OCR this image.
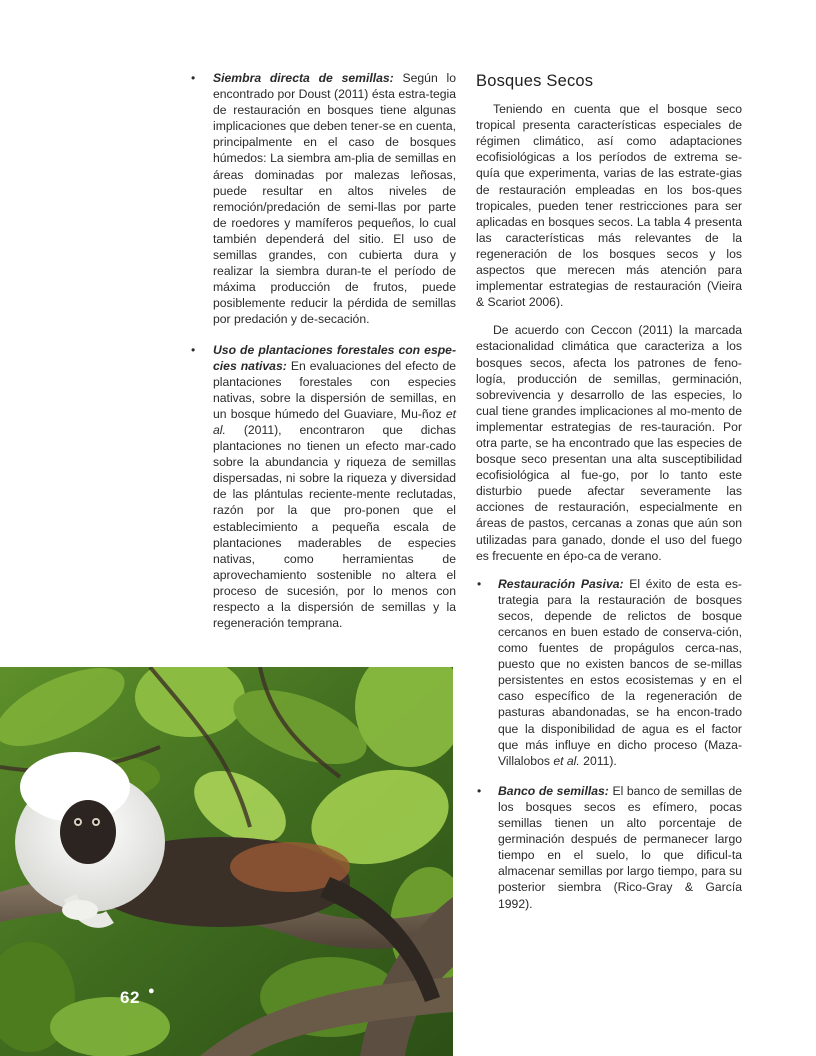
• Siembra directa de semillas: Según lo encontrado por Doust (2011) ésta estra-tegia de restauración en bosques tiene algunas implicaciones que deben tener-se en cuenta, principalmente en el caso de bosques húmedos: La siembra am-plia de semillas en áreas dominadas por malezas leñosas, puede resultar en altos niveles de remoción/predación de semi-llas por parte de roedores y mamíferos pequeños, lo cual también dependerá del sitio. El uso de semillas grandes, con cubierta dura y realizar la siembra duran-te el período de máxima producción de frutos, puede posiblemente reducir la pérdida de semillas por predación y de-secación.
• Uso de plantaciones forestales con espe-cies nativas: En evaluaciones del efecto de plantaciones forestales con especies nativas, sobre la dispersión de semillas, en un bosque húmedo del Guaviare, Mu-ñoz et al. (2011), encontraron que dichas plantaciones no tienen un efecto mar-cado sobre la abundancia y riqueza de semillas dispersadas, ni sobre la riqueza y diversidad de las plántulas reciente-mente reclutadas, razón por la que pro-ponen que el establecimiento a pequeña escala de plantaciones maderables de especies nativas, como herramientas de aprovechamiento sostenible no altera el proceso de sucesión, por lo menos con respecto a la dispersión de semillas y la regeneración temprana.
Bosques Secos

Teniendo en cuenta que el bosque seco tropical presenta características especiales de régimen climático, así como adaptaciones ecofisiológicas a los períodos de extrema se-quía que experimenta, varias de las estrate-gias de restauración empleadas en los bos-ques tropicales, pueden tener restricciones para ser aplicadas en bosques secos. La tabla 4 presenta las características más relevantes de la regeneración de los bosques secos y los aspectos que merecen más atención para implementar estrategias de restauración (Vieira & Scariot 2006).

De acuerdo con Ceccon (2011) la marcada estacionalidad climática que caracteriza a los bosques secos, afecta los patrones de feno-logía, producción de semillas, germinación, sobrevivencia y desarrollo de las especies, lo cual tiene grandes implicaciones al mo-mento de implementar estrategias de res-tauración. Por otra parte, se ha encontrado que las especies de bosque seco presentan una alta susceptibilidad ecofisiológica al fue-go, por lo tanto este disturbio puede afectar severamente las acciones de restauración, especialmente en áreas de pastos, cercanas a zonas que aún son utilizadas para ganado, donde el uso del fuego es frecuente en épo-ca de verano.

• Restauración Pasiva: El éxito de esta es-trategia para la restauración de bosques secos, depende de relictos de bosque cercanos en buen estado de conserva-ción, como fuentes de propágulos cerca-nas, puesto que no existen bancos de se-millas persistentes en estos ecosistemas y en el caso específico de la regeneración de pasturas abandonadas, se ha encon-trado que la disponibilidad de agua es el factor que más influye en dicho proceso (Maza-Villalobos et al. 2011).
• Banco de semillas: El banco de semillas de los bosques secos es efímero, pocas semillas tienen un alto porcentaje de germinación después de permanecer largo tiempo en el suelo, lo que dificul-ta almacenar semillas por largo tiempo, para su posterior siembra (Rico-Gray & García 1992).
62 ●
